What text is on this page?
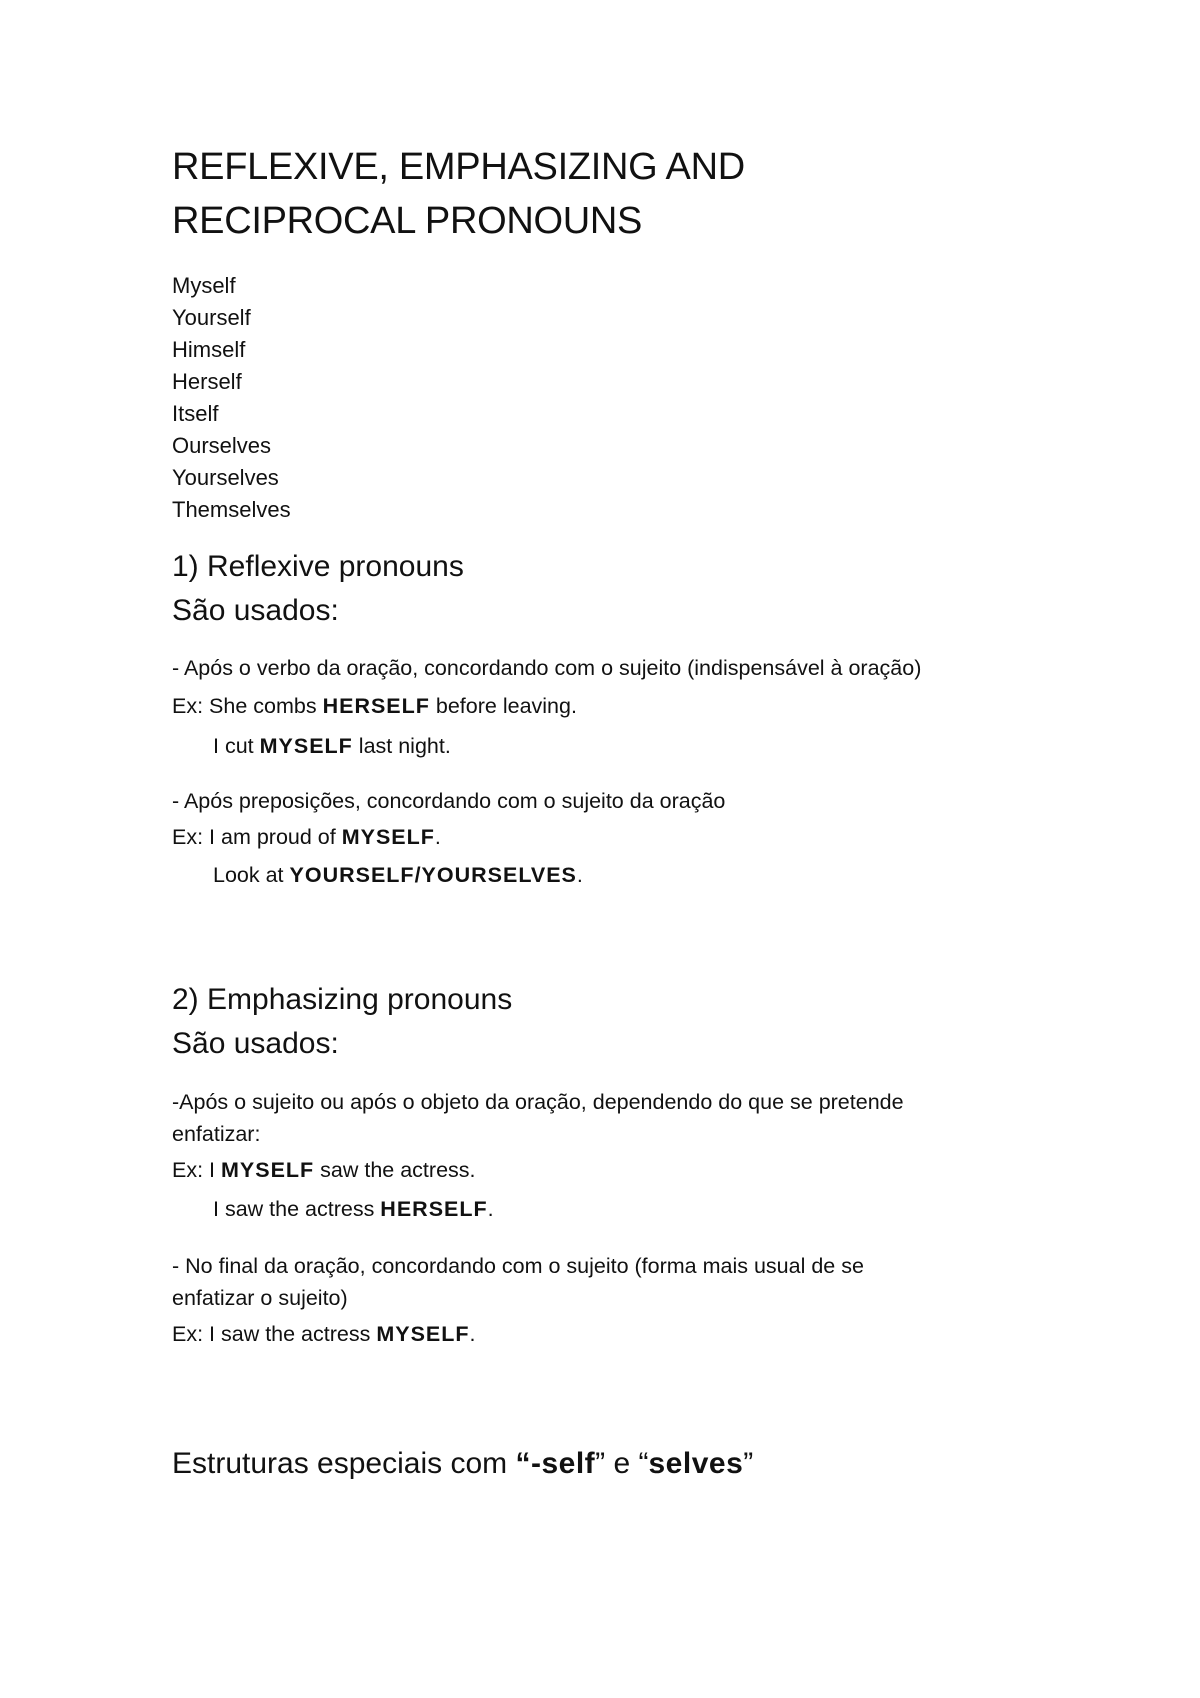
REFLEXIVE, EMPHASIZING AND
RECIPROCAL PRONOUNS
Myself
Yourself
Himself
Herself
Itself
Ourselves
Yourselves
Themselves
1) Reflexive pronouns
São usados:
- Após o verbo da oração, concordando com o sujeito (indispensável à oração)
Ex: She combs HERSELF before leaving.
I cut MYSELF last night.
- Após preposições, concordando com o sujeito da oração
Ex: I am proud of MYSELF.
Look at YOURSELF/YOURSELVES.
2) Emphasizing pronouns
São usados:
-Após o sujeito ou após o objeto da oração, dependendo do que se pretende
enfatizar:
Ex: I MYSELF saw the actress.
I saw the actress HERSELF.
- No final da oração, concordando com o sujeito (forma mais usual de se
enfatizar o sujeito)
Ex: I saw the actress MYSELF.
Estruturas especiais com “-self” e “selves”
